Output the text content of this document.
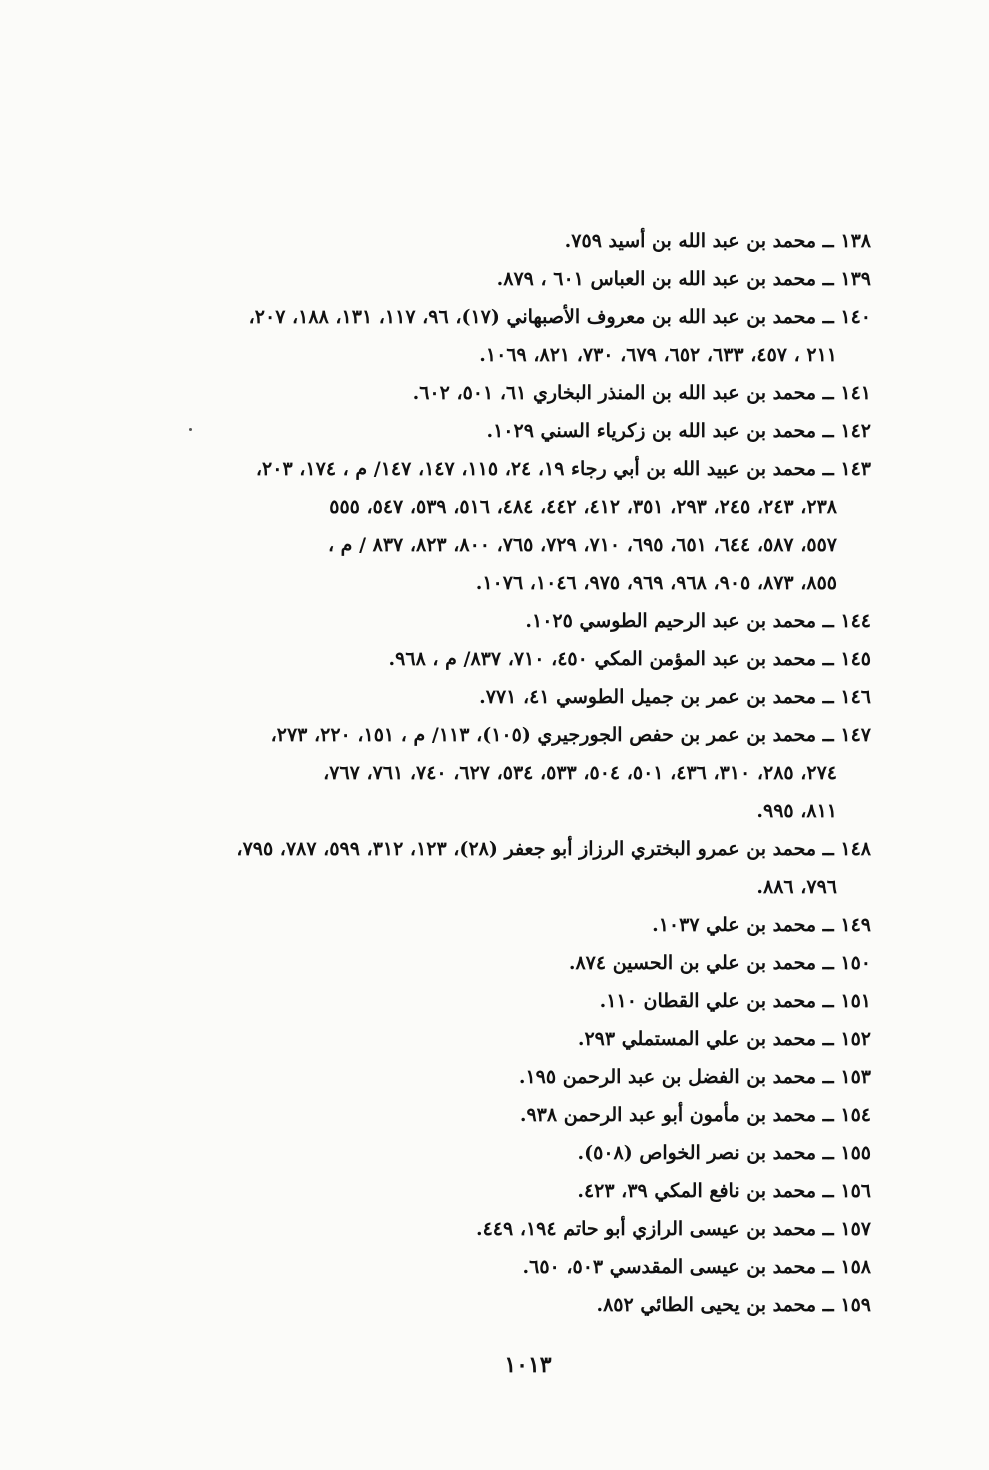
١٣٨ ــ محمد بن عبد الله بن أسيد ٧٥٩.
١٣٩ ــ محمد بن عبد الله بن العباس ٦٠١ ، ٨٧٩.
١٤٠ ــ محمد بن عبد الله بن معروف الأصبهاني (١٧)، ٩٦، ١١٧، ١٣١، ١٨٨، ٢٠٧،
٢١١ ، ٤٥٧، ٦٣٣، ٦٥٢، ٦٧٩، ٧٣٠، ٨٢١، ١٠٦٩.
١٤١ ــ محمد بن عبد الله بن المنذر البخاري ٦١، ٥٠١، ٦٠٢.
١٤٢ ــ محمد بن عبد الله بن زكرياء السني ١٠٢٩.
١٤٣ ــ محمد بن عبيد الله بن أبي رجاء ١٩، ٢٤، ١١٥، ١٤٧، ١٤٧/ م ، ١٧٤، ٢٠٣،
٢٣٨، ٢٤٣، ٢٤٥، ٢٩٣، ٣٥١، ٤١٢، ٤٤٢، ٤٨٤، ٥١٦، ٥٣٩، ٥٤٧، ٥٥٥
٥٥٧، ٥٨٧، ٦٤٤، ٦٥١، ٦٩٥، ٧١٠، ٧٢٩، ٧٦٥، ٨٠٠، ٨٢٣، ٨٣٧ / م ،
٨٥٥، ٨٧٣، ٩٠٥، ٩٦٨، ٩٦٩، ٩٧٥، ١٠٤٦، ١٠٧٦.
١٤٤ ــ محمد بن عبد الرحيم الطوسي ١٠٢٥.
١٤٥ ــ محمد بن عبد المؤمن المكي ٤٥٠، ٧١٠، ٨٣٧/ م ، ٩٦٨.
١٤٦ ــ محمد بن عمر بن جميل الطوسي ٤١، ٧٧١.
١٤٧ ــ محمد بن عمر بن حفص الجورجيري (١٠٥)، ١١٣/ م ، ١٥١، ٢٢٠، ٢٧٣،
٢٧٤، ٢٨٥، ٣١٠، ٤٣٦، ٥٠١، ٥٠٤، ٥٣٣، ٥٣٤، ٦٢٧، ٧٤٠، ٧٦١، ٧٦٧،
٨١١، ٩٩٥.
١٤٨ ــ محمد بن عمرو البختري الرزاز أبو جعفر (٢٨)، ١٢٣، ٣١٢، ٥٩٩، ٧٨٧، ٧٩٥،
٧٩٦، ٨٨٦.
١٤٩ ــ محمد بن علي ١٠٣٧.
١٥٠ ــ محمد بن علي بن الحسين ٨٧٤.
١٥١ ــ محمد بن علي القطان ١١٠.
١٥٢ ــ محمد بن علي المستملي ٢٩٣.
١٥٣ ــ محمد بن الفضل بن عبد الرحمن ١٩٥.
١٥٤ ــ محمد بن مأمون أبو عبد الرحمن ٩٣٨.
١٥٥ ــ محمد بن نصر الخواص (٥٠٨).
١٥٦ ــ محمد بن نافع المكي ٣٩، ٤٢٣.
١٥٧ ــ محمد بن عيسى الرازي أبو حاتم ١٩٤، ٤٤٩.
١٥٨ ــ محمد بن عيسى المقدسي ٥٠٣، ٦٥٠.
١٥٩ ــ محمد بن يحيى الطائي ٨٥٢.
١٠١٣
